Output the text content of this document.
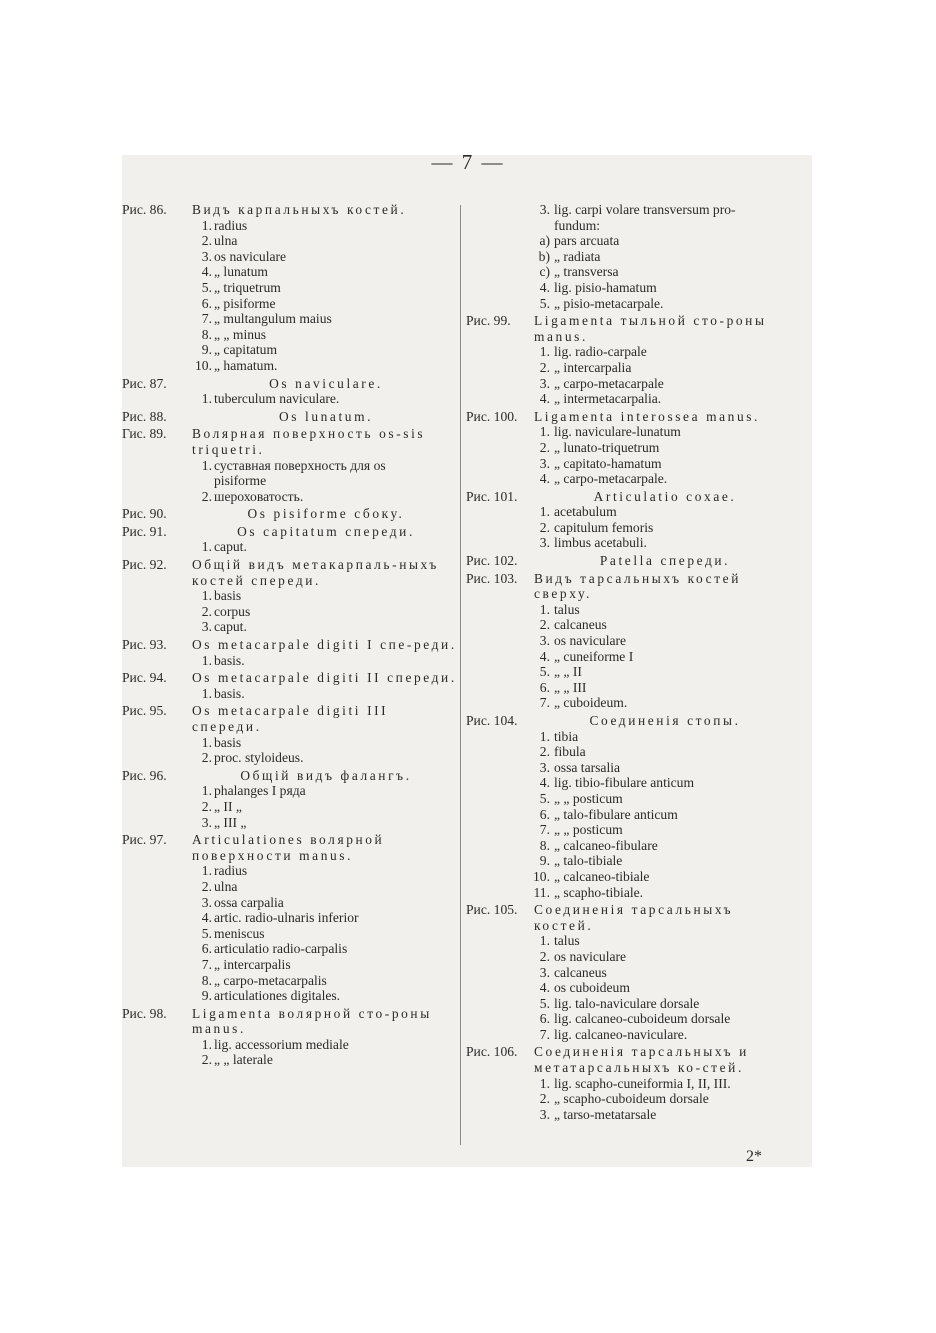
— 7 —
Рис. 86.	Видъ карпальныхъ костей.
1. radius
2. ulna
3. os naviculare
4. „ lunatum
5. „ triquetrum
6. „ pisiforme
7. „ multangulum maius
8. „ „ minus
9. „ capitatum
10. „ hamatum.
Рис. 87.	Os naviculare.
1. tuberculum naviculare.
Рис. 88.	Os lunatum.
Гис. 89.	Волярная поверхность os-sis triquetri.
1. суставная поверхность для os
pisiforme
2. шероховатость.
Рис. 90.	Os pisiforme сбоку.
Рис. 91.	Os capitatum спереди.
1. caput.
Рис. 92.	Общій видъ метакарпаль-ныхъ костей спереди.
1. basis
2. corpus
3. caput.
Рис. 93.	Os metacarpale digiti I спе-реди.
1. basis.
Рис. 94.	Os metacarpale digiti II спереди.
1. basis.
Рис. 95.	Os metacarpale digiti III спереди.
1. basis
2. proc. styloideus.
Рис. 96.	Общій видъ фалангъ.
1. phalanges I ряда
2. „ II „
3. „ III „
Рис. 97.	Articulationes волярной поверхности manus.
1. radius
2. ulna
3. ossa carpalia
4. artic. radio-ulnaris inferior
5. meniscus
6. articulatio radio-carpalis
7. „ intercarpalis
8. „ carpo-metacarpalis
9. articulationes digitales.
Рис. 98.	Ligamenta волярной сто-роны manus.
1. lig. accessorium mediale
2. „ „ laterale
3. lig. carpi volare transversum pro-
fundum:
a) pars arcuata
b) „ radiata
c) „ transversa
4. lig. pisio-hamatum
5. „ pisio-metacarpale.
Рис. 99.	Ligamenta тыльной сто-роны manus.
1. lig. radio-carpale
2. „ intercarpalia
3. „ carpo-metacarpale
4. „ intermetacarpalia.
Рис. 100.	Ligamenta interossea manus.
1. lig. naviculare-lunatum
2. „ lunato-triquetrum
3. „ capitato-hamatum
4. „ carpo-metacarpale.
Рис. 101.	Articulatio coxae.
1. acetabulum
2. capitulum femoris
3. limbus acetabuli.
Рис. 102.	Patella спереди.
Рис. 103.	Видъ тарсальныхъ костей сверху.
1. talus
2. calcaneus
3. os naviculare
4. „ cuneiforme I
5. „ „ II
6. „ „ III
7. „ cuboideum.
Рис. 104.	Соединенія стопы.
1. tibia
2. fibula
3. ossa tarsalia
4. lig. tibio-fibulare anticum
5. „ „ posticum
6. „ talo-fibulare anticum
7. „ „ posticum
8. „ calcaneo-fibulare
9. „ talo-tibiale
10. „ calcaneo-tibiale
11. „ scapho-tibiale.
Рис. 105.	Соединенія тарсальныхъ костей.
1. talus
2. os naviculare
3. calcaneus
4. os cuboideum
5. lig. talo-naviculare dorsale
6. lig. calcaneo-cuboideum dorsale
7. lig. calcaneo-naviculare.
Рис. 106.	Соединенія тарсальныхъ и метатарсальныхъ ко-стей.
1. lig. scapho-cuneiformia I, II, III.
2. „ scapho-cuboideum dorsale
3. „ tarso-metatarsale
2*
